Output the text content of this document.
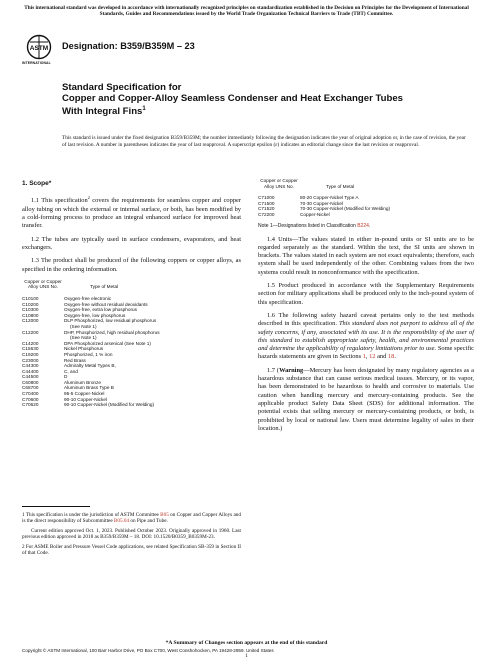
This international standard was developed in accordance with internationally recognized principles on standardization established in the Decision on Principles for the Development of International Standards, Guides and Recommendations issued by the World Trade Organization Technical Barriers to Trade (TBT) Committee.
ASTM
INTERNATIONAL
Designation: B359/B359M – 23
Standard Specification for
Copper and Copper-Alloy Seamless Condenser and Heat Exchanger Tubes With Integral Fins$^1$
This standard is issued under the fixed designation B359/B359M; the number immediately following the designation indicates the year of original adoption or, in the case of revision, the year of last revision. A number in parentheses indicates the year of last reapproval. A superscript epsilon (ε) indicates an editorial change since the last revision or reapproval.
1. Scope*
1.1 This specification$^2$ covers the requirements for seamless copper and copper alloy tubing on which the external or internal surface, or both, has been modified by a cold-forming process to produce an integral enhanced surface for improved heat transfer.
1.2 The tubes are typically used in surface condensers, evaporators, and heat exchangers.
1.3 The product shall be produced of the following coppers or copper alloys, as specified in the ordering information.
Copper or Copper Alloy UNS No.	Type of Metal
C10100	Oxygen-free electronic
C10200	Oxygen-free without residual deoxidants
C10300	Oxygen-free, extra low phosphorus
C10800	Oxygen-free, low phosphorus
C12000	DLP Phosphorized, low residual phosphorus
(See Note 1)
C12200	DHP, Phosphorized, high residual phosphorus
(See Note 1)
C14200	DPA Phosphorized arsenical (See Note 1)
C15630	Nickel Phosphorus
C19200	Phosphorized, 1 % iron
C23000	Red Brass
C44300	Admiralty Metal Types B,
C44400	C, and
C44500	D
C60800	Aluminum Bronze
C68700	Aluminum Brass Type B
C70400	95-5 Copper-Nickel
C70600	90-10 Copper-Nickel
C70620	90-10 Copper-Nickel (Modified for Welding)
Copper or Copper Alloy UNS No.	Type of Metal
C71000	80-20 Copper-Nickel Type A
C71500	70-30 Copper-Nickel
C71520	70-30 Copper-Nickel (Modified for Welding)
C72200	Copper-Nickel
Note 1—Designations listed in Classification B224.
1.4 Units—The values stated in either in-pound units or SI units are to be regarded separately as the standard. Within the text, the SI units are shown in brackets. The values stated in each system are not exact equivalents; therefore, each system shall be used independently of the other. Combining values from the two systems could result in nonconformance with the specification.
1.5 Product produced in accordance with the Supplementary Requirements section for military applications shall be produced only to the inch-pound system of this specification.
1.6 The following safety hazard caveat pertains only to the test methods described in this specification. This standard does not purport to address all of the safety concerns, if any, associated with its use. It is the responsibility of the user of this standard to establish appropriate safety, health, and environmental practices and determine the applicability of regulatory limitations prior to use. Some specific hazards statements are given in Sections 1, 12 and 18.
1.7 (Warning—Mercury has been designated by many regulatory agencies as a hazardous substance that can cause serious medical issues. Mercury, or its vapor, has been demonstrated to be hazardous to health and corrosive to materials. Use caution when handling mercury and mercury-containing products. See the applicable product Safety Data Sheet (SDS) for additional information. The potential exists that selling mercury or mercury-containing products, or both, is prohibited by local or national law. Users must determine legality of sales in their location.)
1 This specification is under the jurisdiction of ASTM Committee B05 on Copper and Copper Alloys and is the direct responsibility of Subcommittee B05.04 on Pipe and Tube.
Current edition approved Oct. 1, 2023. Published October 2023. Originally approved in 1960. Last previous edition approved in 2018 as B359/B359M – 18. DOI: 10.1520/B0359_B0359M-23.
2 For ASME Boiler and Pressure Vessel Code applications, see related Specification SB-359 in Section II of that Code.
*A Summary of Changes section appears at the end of this standard
Copyright © ASTM International, 100 Barr Harbor Drive, PO Box C700, West Conshohocken, PA 19428-2959. United States
1
